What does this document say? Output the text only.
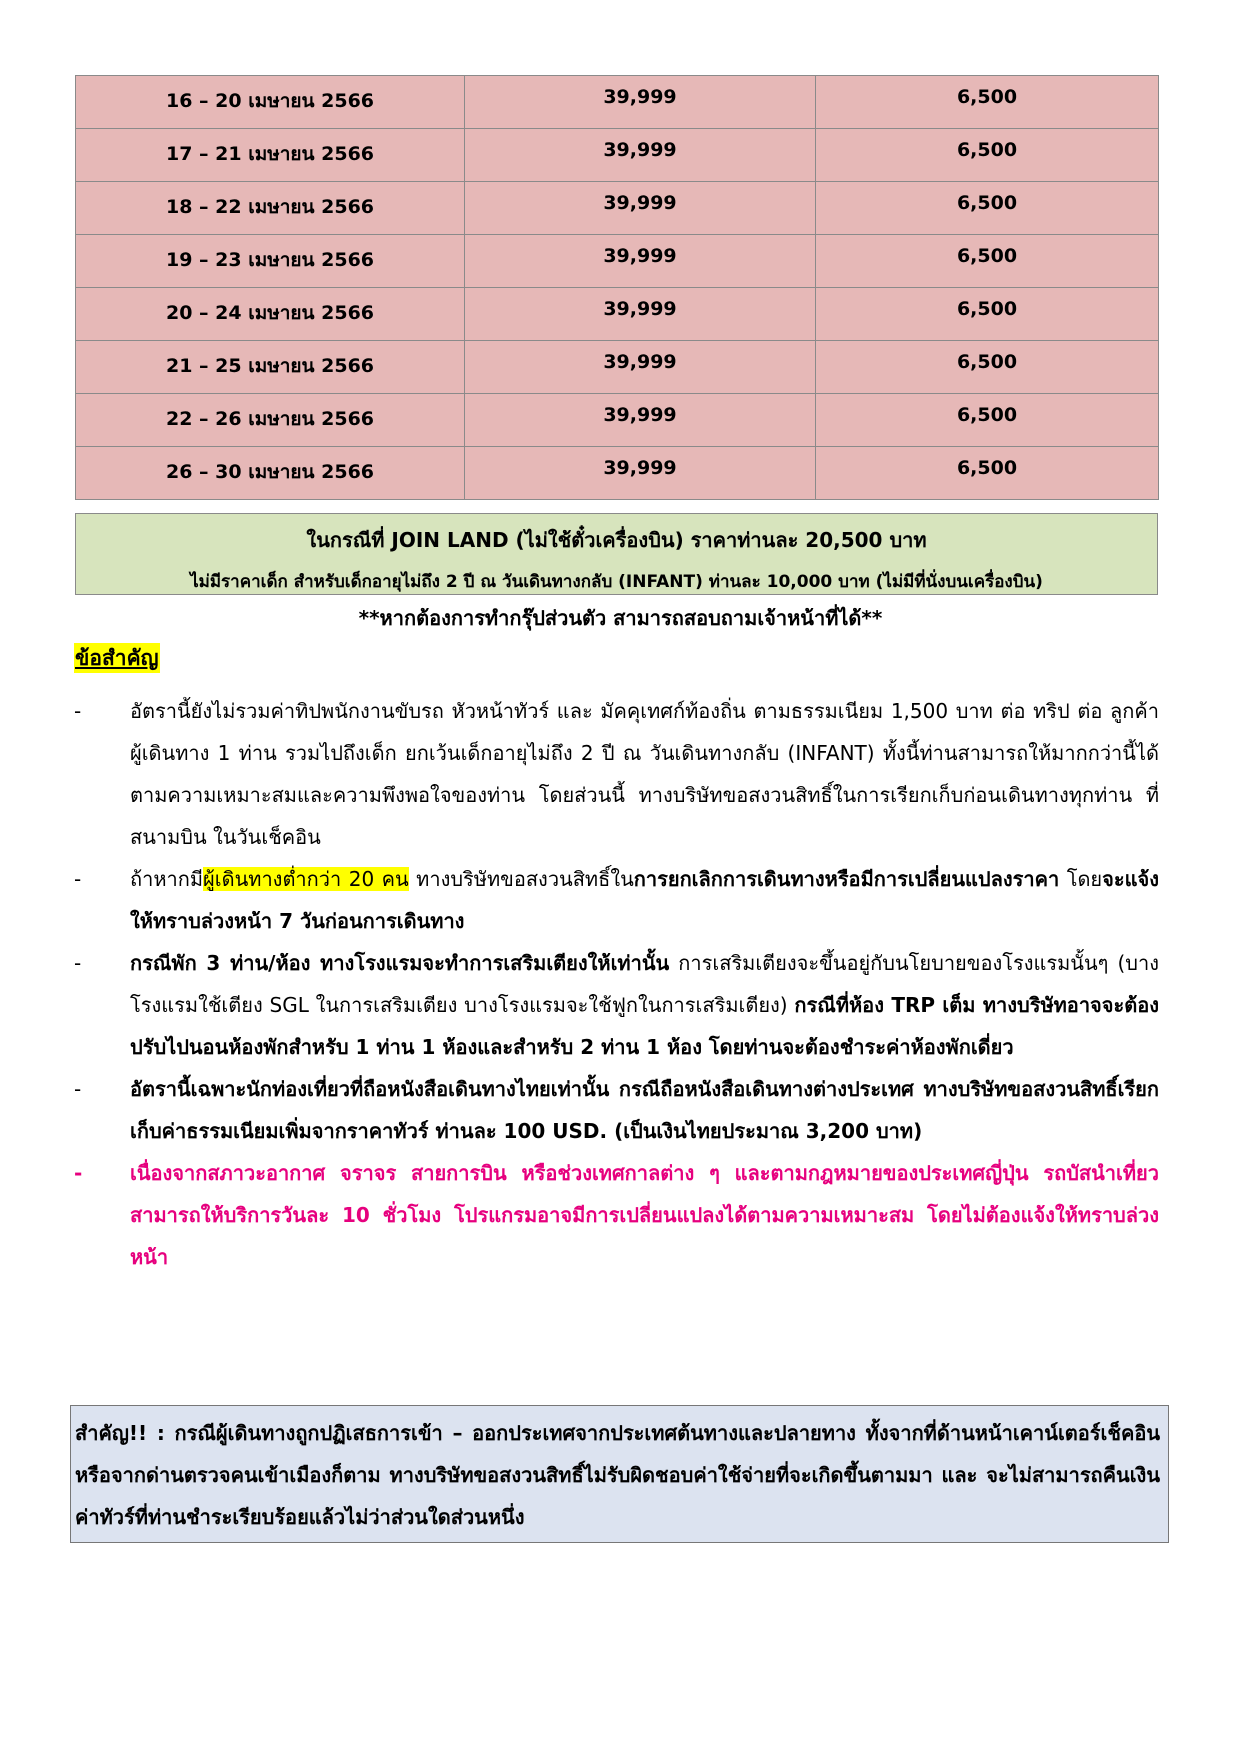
16 – 20 เมษายน 2566	39,999	6,500
17 – 21 เมษายน 2566	39,999	6,500
18 – 22 เมษายน 2566	39,999	6,500
19 – 23 เมษายน 2566	39,999	6,500
20 – 24 เมษายน 2566	39,999	6,500
21 – 25 เมษายน 2566	39,999	6,500
22 – 26 เมษายน 2566	39,999	6,500
26 – 30 เมษายน 2566	39,999	6,500
ในกรณีที่ JOIN LAND (ไม่ใช้ตั๋วเครื่องบิน) ราคาท่านละ 20,500 บาท
ไม่มีราคาเด็ก สำหรับเด็กอายุไม่ถึง 2 ปี ณ วันเดินทางกลับ (INFANT) ท่านละ 10,000 บาท (ไม่มีที่นั่งบนเครื่องบิน)
**หากต้องการทำกรุ๊ปส่วนตัว สามารถสอบถามเจ้าหน้าที่ได้**
ข้อสำคัญ
- อัตรานี้ยังไม่รวมค่าทิปพนักงานขับรถ หัวหน้าทัวร์ และ มัคคุเทศก์ท้องถิ่น ตามธรรมเนียม 1,500 บาท ต่อ ทริป ต่อ ลูกค้า ผู้เดินทาง 1 ท่าน รวมไปถึงเด็ก ยกเว้นเด็กอายุไม่ถึง 2 ปี ณ วันเดินทางกลับ (INFANT) ทั้งนี้ท่านสามารถให้มากกว่านี้ได้ตามความเหมาะสมและความพึงพอใจของท่าน โดยส่วนนี้ ทางบริษัทขอสงวนสิทธิ์ในการเรียกเก็บก่อนเดินทางทุกท่าน ที่สนามบิน ในวันเช็คอิน
- ถ้าหากมีผู้เดินทางต่ำกว่า 20 คน ทางบริษัทขอสงวนสิทธิ์ในการยกเลิกการเดินทางหรือมีการเปลี่ยนแปลงราคา โดยจะแจ้งให้ทราบล่วงหน้า 7 วันก่อนการเดินทาง
- กรณีพัก 3 ท่าน/ห้อง ทางโรงแรมจะทำการเสริมเตียงให้เท่านั้น การเสริมเตียงจะขึ้นอยู่กับนโยบายของโรงแรมนั้นๆ (บางโรงแรมใช้เตียง SGL ในการเสริมเตียง บางโรงแรมจะใช้ฟูกในการเสริมเตียง) กรณีที่ห้อง TRP เต็ม ทางบริษัทอาจจะต้องปรับไปนอนห้องพักสำหรับ 1 ท่าน 1 ห้องและสำหรับ 2 ท่าน 1 ห้อง โดยท่านจะต้องชำระค่าห้องพักเดี่ยว
- อัตรานี้เฉพาะนักท่องเที่ยวที่ถือหนังสือเดินทางไทยเท่านั้น กรณีถือหนังสือเดินทางต่างประเทศ ทางบริษัทขอสงวนสิทธิ์เรียกเก็บค่าธรรมเนียมเพิ่มจากราคาทัวร์ ท่านละ 100 USD. (เป็นเงินไทยประมาณ 3,200 บาท)
- เนื่องจากสภาวะอากาศ จราจร สายการบิน หรือช่วงเทศกาลต่าง ๆ และตามกฎหมายของประเทศญี่ปุ่น รถบัสนำเที่ยวสามารถให้บริการวันละ 10 ชั่วโมง โปรแกรมอาจมีการเปลี่ยนแปลงได้ตามความเหมาะสม โดยไม่ต้องแจ้งให้ทราบล่วงหน้า
สำคัญ!! : กรณีผู้เดินทางถูกปฏิเสธการเข้า – ออกประเทศจากประเทศต้นทางและปลายทาง ทั้งจากที่ด้านหน้าเคาน์เตอร์เช็คอิน หรือจากด่านตรวจคนเข้าเมืองก็ตาม ทางบริษัทขอสงวนสิทธิ์ไม่รับผิดชอบค่าใช้จ่ายที่จะเกิดขึ้นตามมา และ จะไม่สามารถคืนเงินค่าทัวร์ที่ท่านชำระเรียบร้อยแล้วไม่ว่าส่วนใดส่วนหนึ่ง
